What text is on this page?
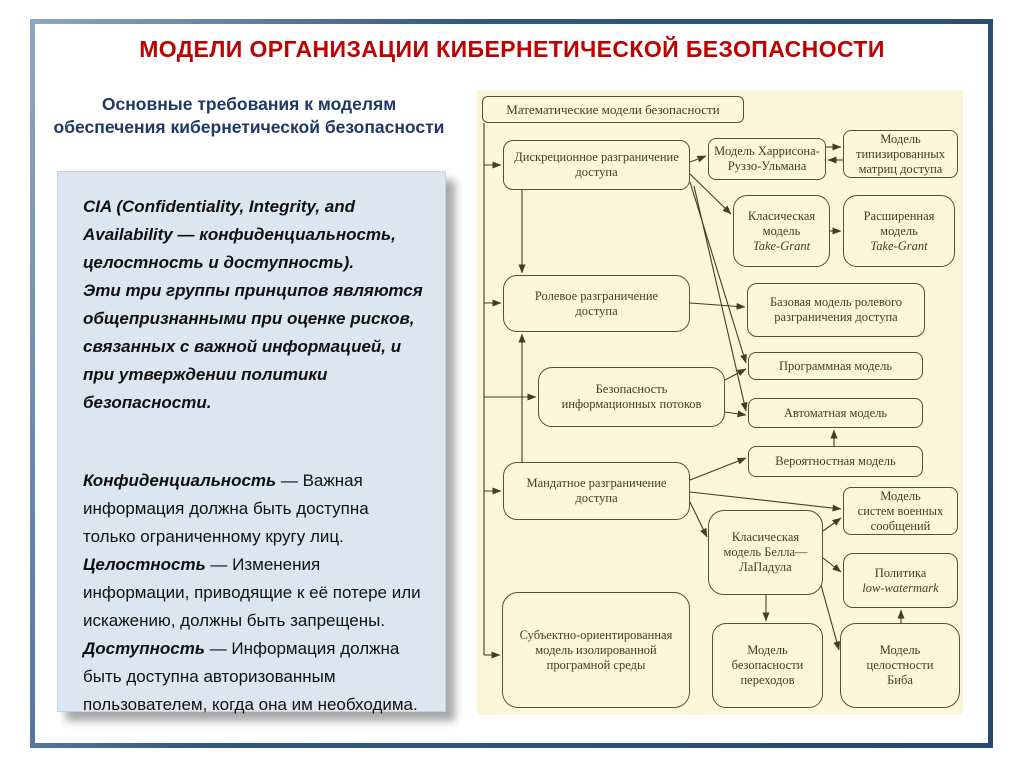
МОДЕЛИ ОРГАНИЗАЦИИ КИБЕРНЕТИЧЕСКОЙ БЕЗОПАСНОСТИ
Основные требования к моделям
обеспечения кибернетической безопасности

CIA (Confidentiality, Integrity, and Availability — конфиденциальность, целостность и доступность).

Эти три группы принципов являются общепризнанными при оценке рисков, связанных с важной информацией, и при утверждении политики безопасности.

Конфиденциальность — Важная информация должна быть доступна только ограниченному кругу лиц.

Целостность — Изменения информации, приводящие к её потере или искажению, должны быть запрещены.

Доступность — Информация должна быть доступна авторизованным пользователем, когда она им необходима.

Математические модели безопасности
Дискреционное разграничение
доступа
Модель Харрисона-
Руззо-Ульмана
Модель
типизированных
матриц доступа
Класическая
модель
Take-Grant
Расширенная
модель
Take-Grant
Ролевое разграничение
доступа
Базовая модель ролевого
разграничения доступа
Безопасность
информационных потоков
Программная модель
Автоматная модель
Вероятностная модель
Мандатное разграничение
доступа	Модель
систем военных
сообщений
Класическая
модель Белла—
ЛаПадула	Политика
low-watermark
Субъектно-ориентированная
модель изолированной
програмной среды
Модель
безопасности
переходов
Модель
целостности
Биба
